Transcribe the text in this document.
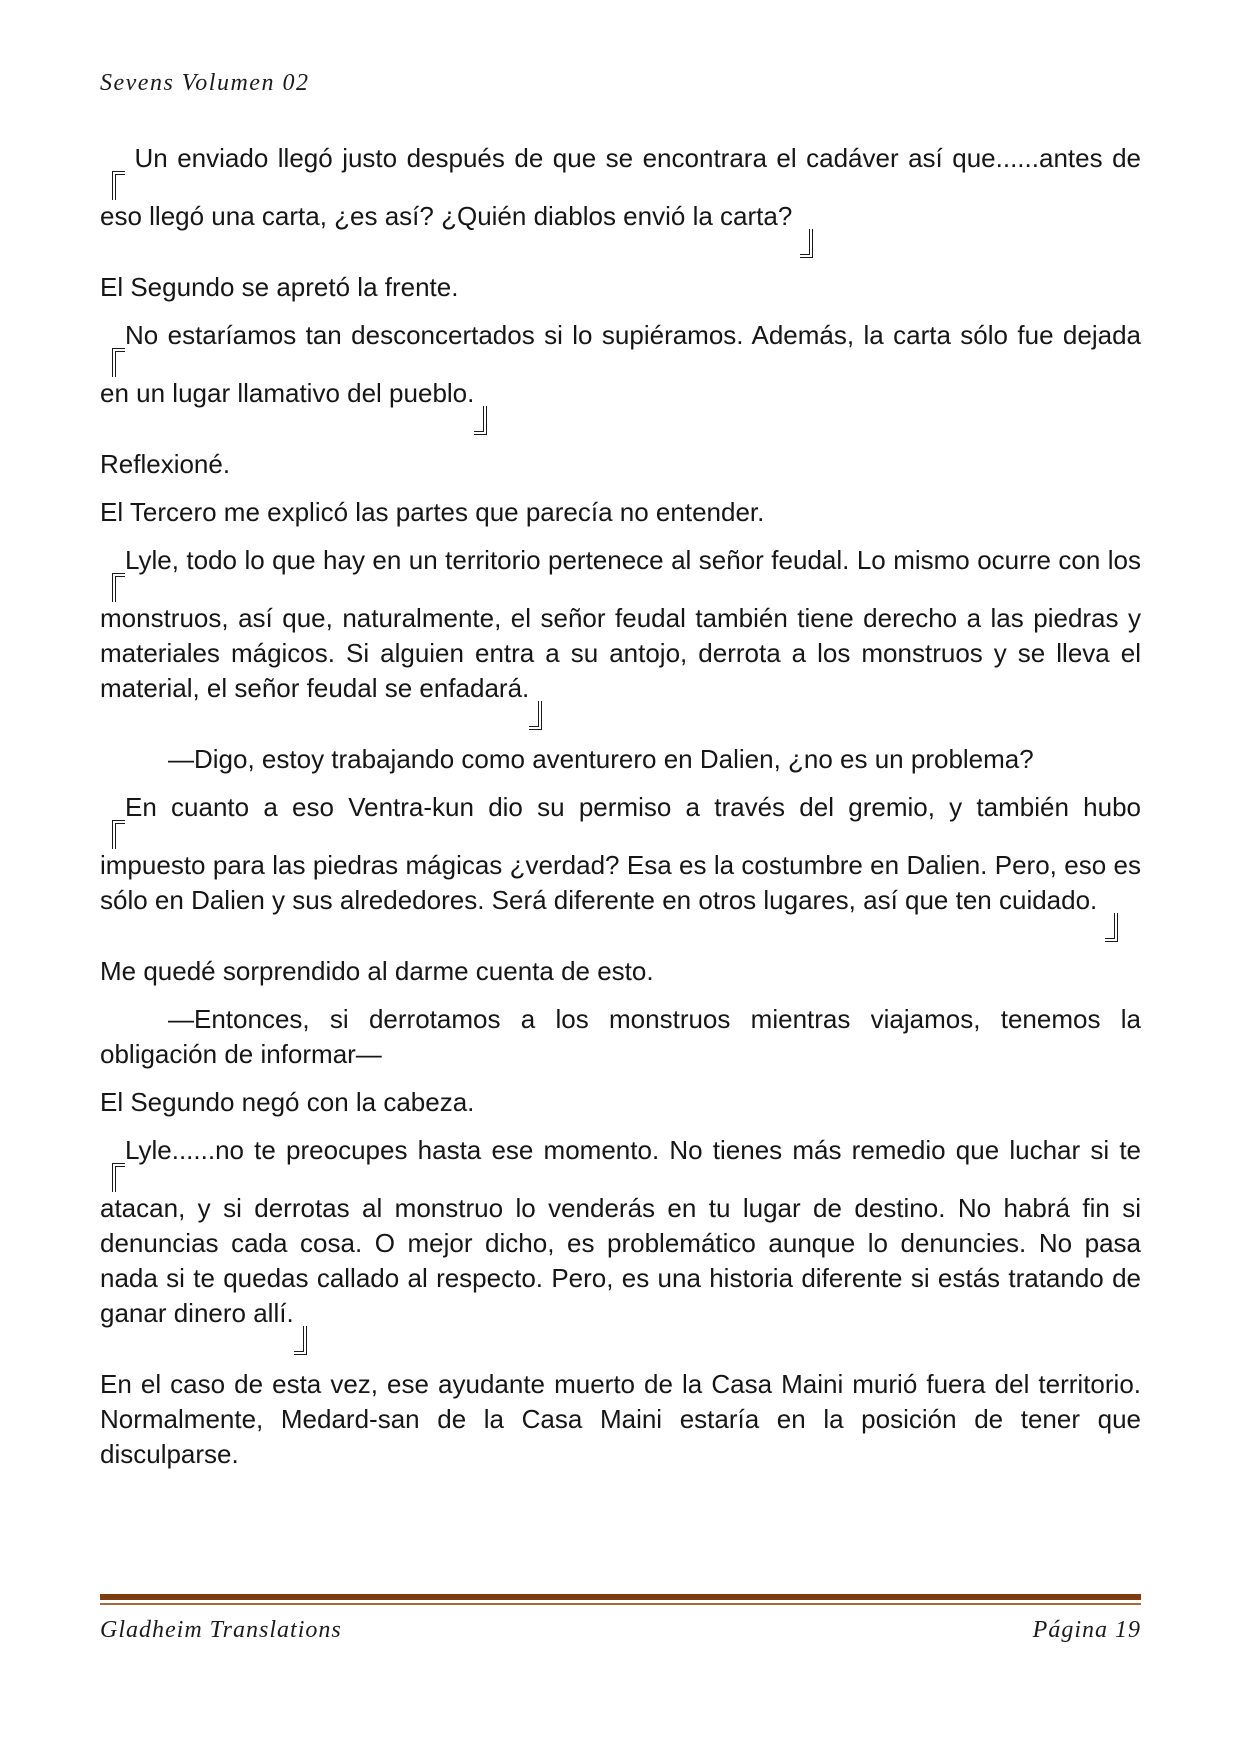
Sevens Volumen 02

Un enviado llegó justo después de que se encontrara el cadáver así que......antes de eso llegó una carta, ¿es así? ¿Quién diablos envió la carta?

El Segundo se apretó la frente.

No estaríamos tan desconcertados si lo supiéramos. Además, la carta sólo fue dejada en un lugar llamativo del pueblo.

Reflexioné.

El Tercero me explicó las partes que parecía no entender.

Lyle, todo lo que hay en un territorio pertenece al señor feudal. Lo mismo ocurre con los monstruos, así que, naturalmente, el señor feudal también tiene derecho a las piedras y materiales mágicos. Si alguien entra a su antojo, derrota a los monstruos y se lleva el material, el señor feudal se enfadará.

—Digo, estoy trabajando como aventurero en Dalien, ¿no es un problema?

En cuanto a eso Ventra-kun dio su permiso a través del gremio, y también hubo impuesto para las piedras mágicas ¿verdad? Esa es la costumbre en Dalien. Pero, eso es sólo en Dalien y sus alrededores. Será diferente en otros lugares, así que ten cuidado.

Me quedé sorprendido al darme cuenta de esto.

—Entonces, si derrotamos a los monstruos mientras viajamos, tenemos la obligación de informar—

El Segundo negó con la cabeza.

Lyle......no te preocupes hasta ese momento. No tienes más remedio que luchar si te atacan, y si derrotas al monstruo lo venderás en tu lugar de destino. No habrá fin si denuncias cada cosa. O mejor dicho, es problemático aunque lo denuncies. No pasa nada si te quedas callado al respecto. Pero, es una historia diferente si estás tratando de ganar dinero allí.

En el caso de esta vez, ese ayudante muerto de la Casa Maini murió fuera del territorio. Normalmente, Medard-san de la Casa Maini estaría en la posición de tener que disculparse.

Gladheim Translations	Página 19
